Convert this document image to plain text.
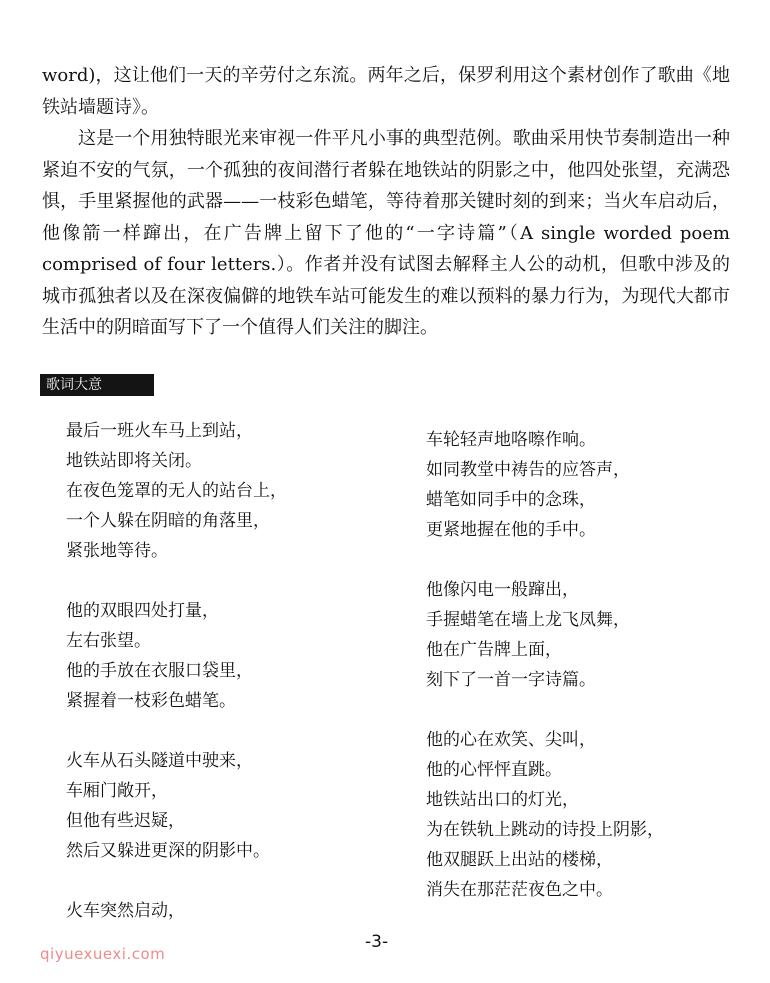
word)，这让他们一天的辛劳付之东流。两年之后，保罗利用这个素材创作了歌曲《地铁站墙题诗》。

这是一个用独特眼光来审视一件平凡小事的典型范例。歌曲采用快节奏制造出一种紧迫不安的气氛，一个孤独的夜间潜行者躲在地铁站的阴影之中，他四处张望，充满恐惧，手里紧握他的武器——一枝彩色蜡笔，等待着那关键时刻的到来；当火车启动后，他像箭一样蹿出，在广告牌上留下了他的“一字诗篇”（A single worded poem comprised of four letters.）。作者并没有试图去解释主人公的动机，但歌中涉及的城市孤独者以及在深夜偏僻的地铁车站可能发生的难以预料的暴力行为，为现代大都市生活中的阴暗面写下了一个值得人们关注的脚注。

歌词大意
最后一班火车马上到站，
地铁站即将关闭。
在夜色笼罩的无人的站台上，
一个人躲在阴暗的角落里，
紧张地等待。
他的双眼四处打量，
左右张望。
他的手放在衣服口袋里，
紧握着一枝彩色蜡笔。
火车从石头隧道中驶来，
车厢门敞开，
但他有些迟疑，
然后又躲进更深的阴影中。
火车突然启动，
车轮轻声地咯嚓作响。
如同教堂中祷告的应答声，
蜡笔如同手中的念珠，
更紧地握在他的手中。
他像闪电一般蹿出，
手握蜡笔在墙上龙飞凤舞，
他在广告牌上面，
刻下了一首一字诗篇。
他的心在欢笑、尖叫，
他的心怦怦直跳。
地铁站出口的灯光，
为在铁轨上跳动的诗投上阴影，
他双腿跃上出站的楼梯，
消失在那茫茫夜色之中。
-3-
qiyuexuexi.com
